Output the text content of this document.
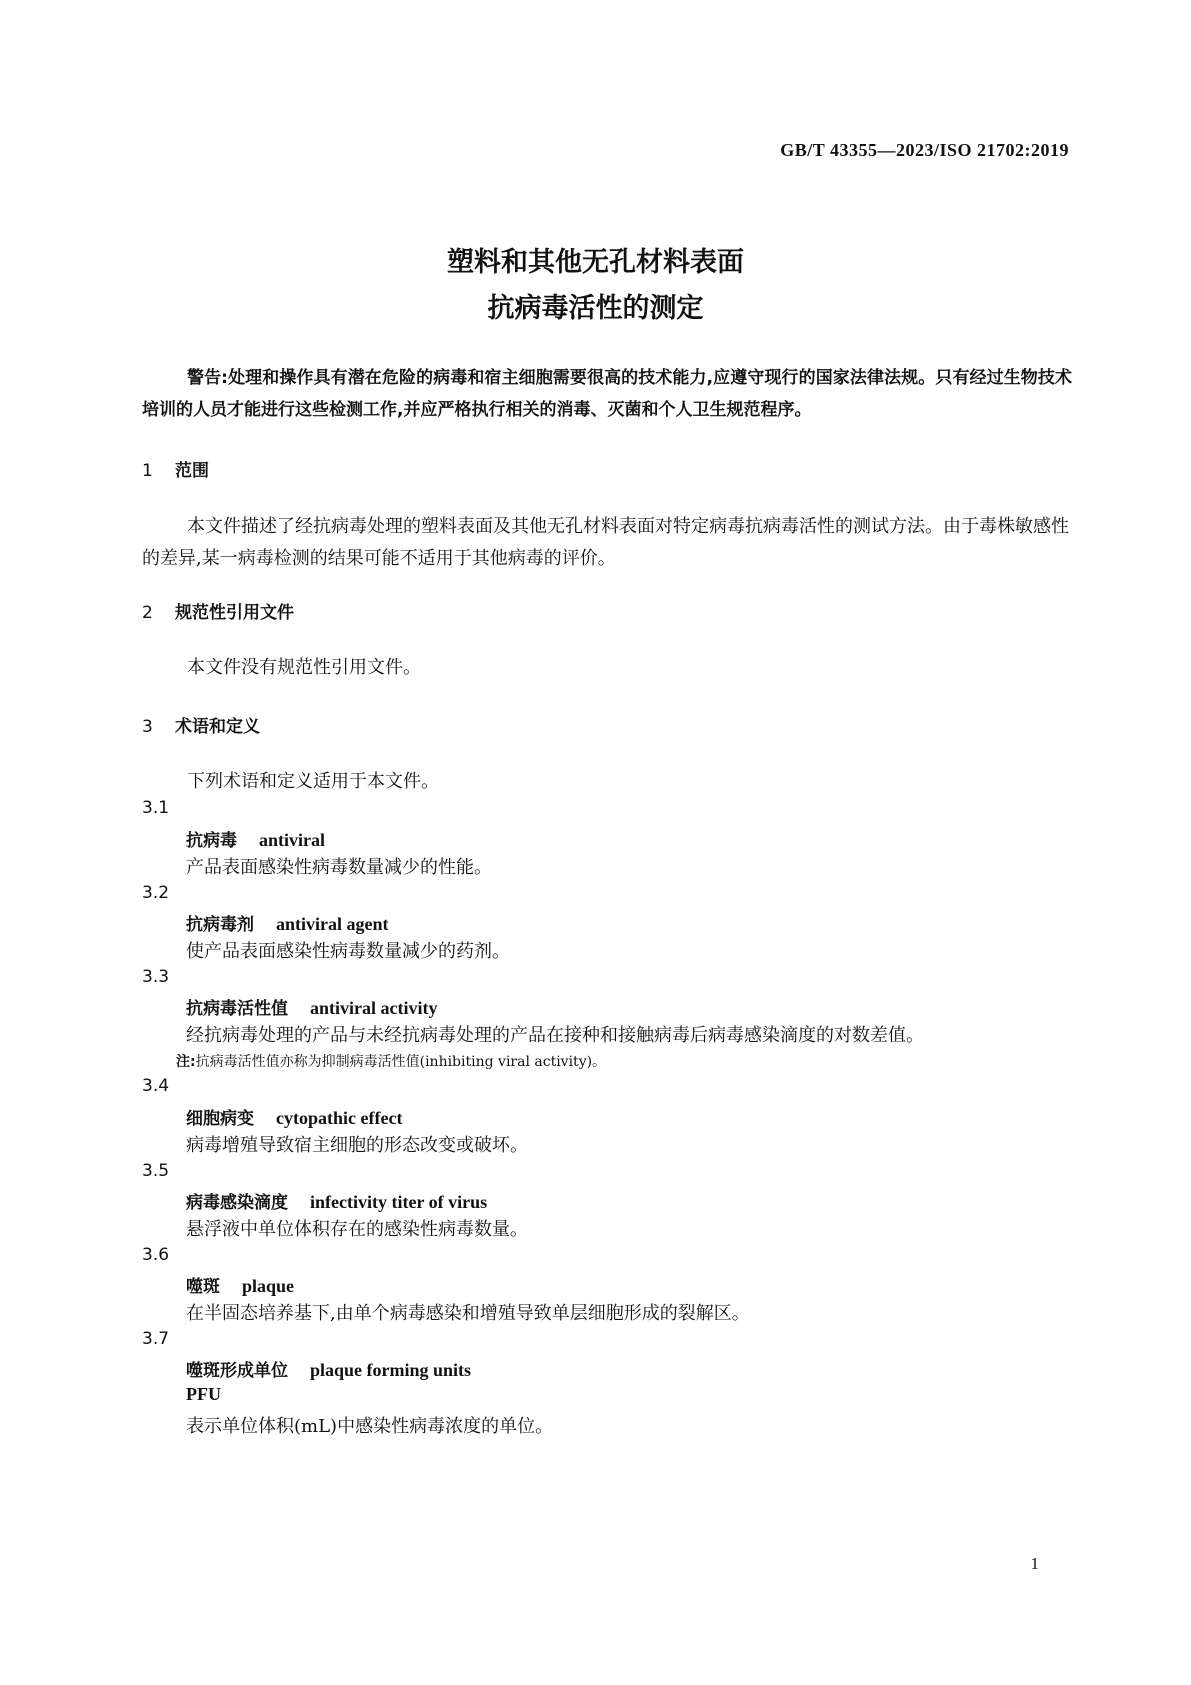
GB/T 43355—2023/ISO 21702:2019
塑料和其他无孔材料表面
抗病毒活性的测定
警告:处理和操作具有潜在危险的病毒和宿主细胞需要很高的技术能力,应遵守现行的国家法律法规。只有经过生物技术培训的人员才能进行这些检测工作,并应严格执行相关的消毒、灭菌和个人卫生规范程序。
1 范围
本文件描述了经抗病毒处理的塑料表面及其他无孔材料表面对特定病毒抗病毒活性的测试方法。由于毒株敏感性的差异,某一病毒检测的结果可能不适用于其他病毒的评价。
2 规范性引用文件
本文件没有规范性引用文件。
3 术语和定义
下列术语和定义适用于本文件。
3.1
抗病毒 antiviral
产品表面感染性病毒数量减少的性能。
3.2
抗病毒剂 antiviral agent
使产品表面感染性病毒数量减少的药剂。
3.3
抗病毒活性值 antiviral activity
经抗病毒处理的产品与未经抗病毒处理的产品在接种和接触病毒后病毒感染滴度的对数差值。
注:抗病毒活性值亦称为抑制病毒活性值(inhibiting viral activity)。
3.4
细胞病变 cytopathic effect
病毒增殖导致宿主细胞的形态改变或破坏。
3.5
病毒感染滴度 infectivity titer of virus
悬浮液中单位体积存在的感染性病毒数量。
3.6
噬斑 plaque
在半固态培养基下,由单个病毒感染和增殖导致单层细胞形成的裂解区。
3.7
噬斑形成单位 plaque forming units
PFU
表示单位体积(mL)中感染性病毒浓度的单位。
1
